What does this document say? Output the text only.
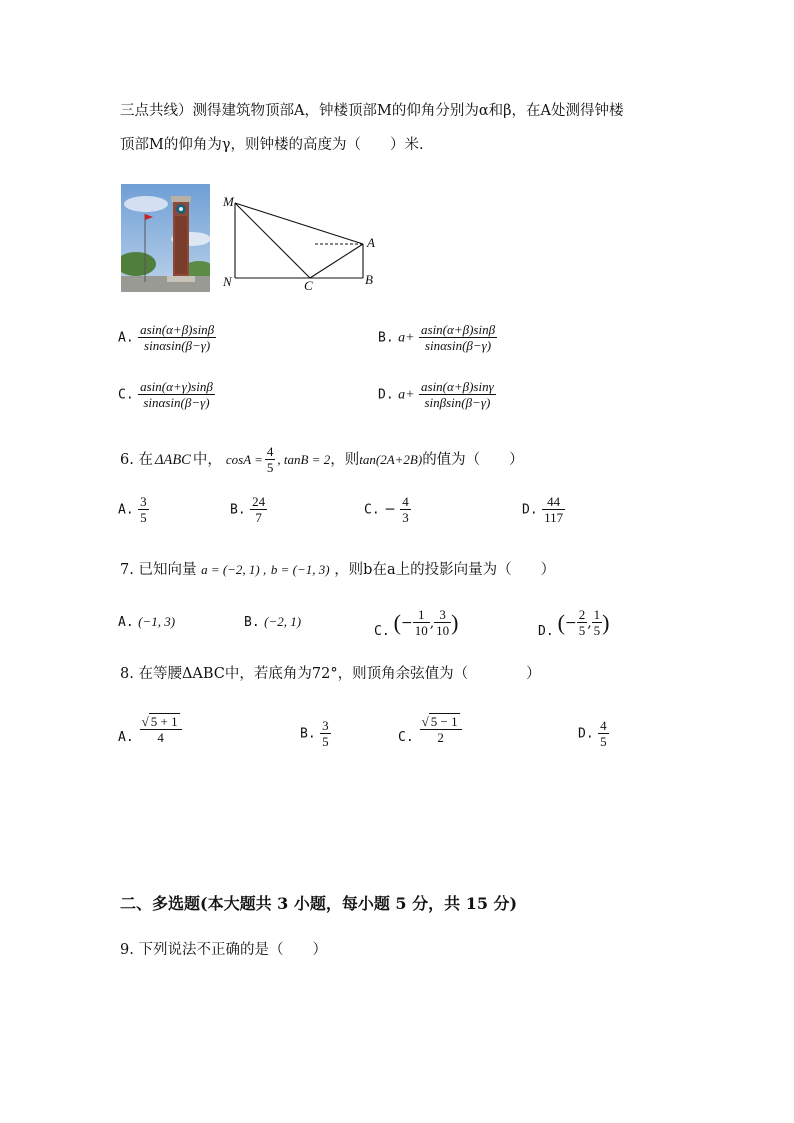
三点共线）测得建筑物顶部A，钟楼顶部M的仰角分别为α和β，在A处测得钟楼
顶部M的仰角为γ，则钟楼的高度为（　　）米.
M
A
N	C	B
A. $\frac{asin(\alpha+\beta)\sin\beta}{\sin\alpha\sin(\beta-\gamma)}$	B. $a+ \frac{asin(\alpha+\beta)\sin\beta}{\sin\alpha\sin(\beta-\gamma)}$
C. $\frac{asin(\alpha+\gamma)\sin\beta}{\sin\alpha\sin(\beta-\gamma)}$	D. $a+ \frac{asin(\alpha+\beta)\sin\gamma}{\sin\beta\sin(\beta-\gamma)}$
6. 在 ΔABC 中， $\cos A = \frac{4}{5}$ , tanB = 2 ，则 tan(2A+2B) 的值为（　　）
A. $\frac{3}{5}$	B. $\frac{24}{7}$	C. − $\frac{4}{3}$	D. $\frac{44}{117}$
7. 已知向量 a = (−2, 1) , b = (−1, 3) ，则b在a上的投影向量为（　　）
A. (−1, 3)	B. (−2, 1)
C. ( − $\frac{1}{10}$ , $\frac{3}{10}$ )	D. ( − $\frac{2}{5}$ , $\frac{1}{5}$ )
8. 在等腰ΔABC中，若底角为72°，则顶角余弦值为（　　　　）
A. $\frac{√ 5 + 1}{4}$	B. $\frac{3}{5}$	C. $\frac{√ 5 - 1}{2}$	D. $\frac{4}{5}$
二、多选题(本大题共 3 小题，每小题 5 分，共 15 分)
9. 下列说法不正确的是（　　）
